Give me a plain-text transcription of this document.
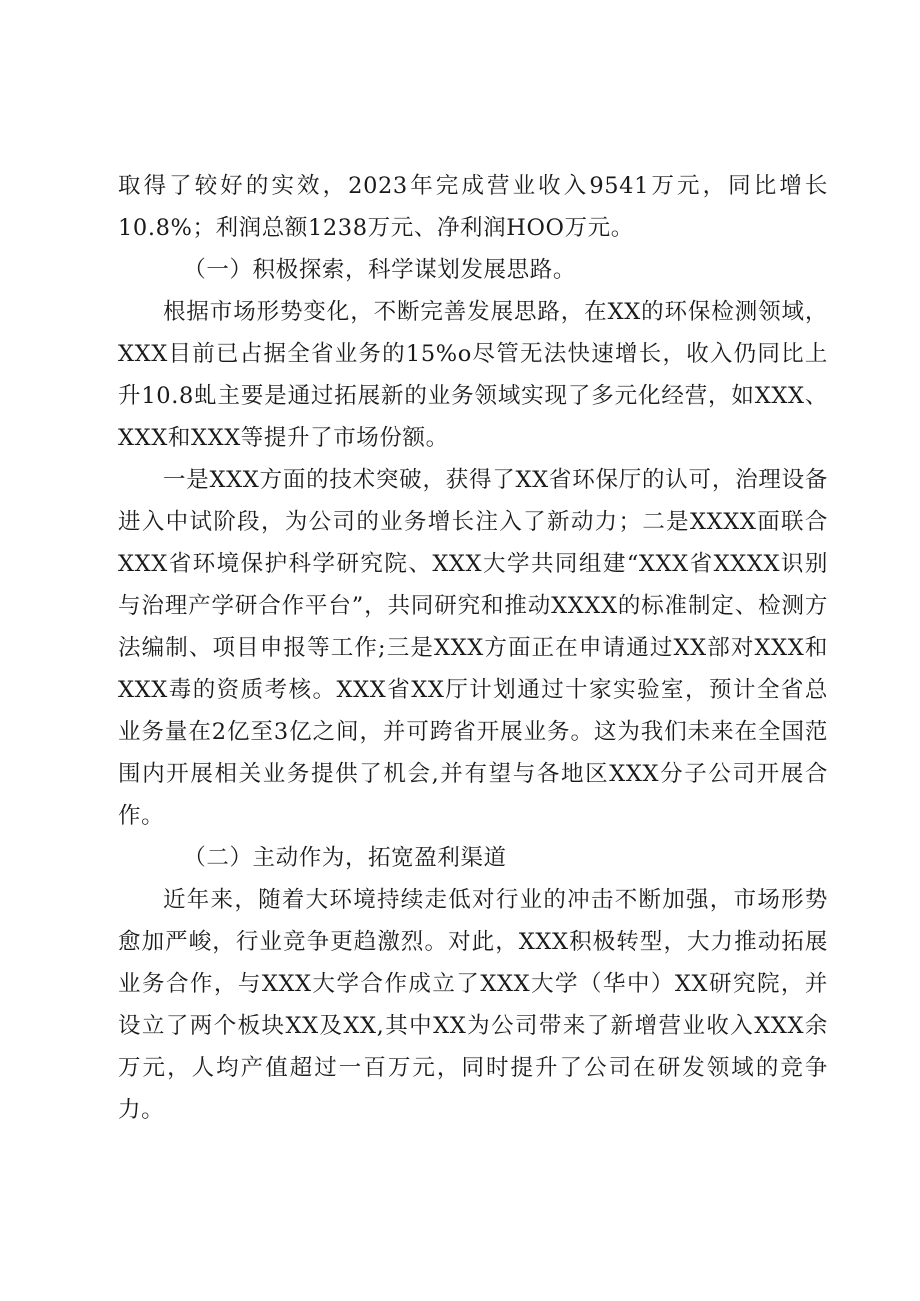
取得了较好的实效，2023年完成营业收入9541万元，同比增长10.8%；利润总额1238万元、净利润HOO万元。

（一）积极探索，科学谋划发展思路。

根据市场形势变化，不断完善发展思路，在XX的环保检测领域，XXX目前已占据全省业务的15%o尽管无法快速增长，收入仍同比上升10.8虬主要是通过拓展新的业务领域实现了多元化经营，如XXX、XXX和XXX等提升了市场份额。

一是XXX方面的技术突破，获得了XX省环保厅的认可，治理设备进入中试阶段，为公司的业务增长注入了新动力；二是XXXX面联合XXX省环境保护科学研究院、XXX大学共同组建“XXX省XXXX识别与治理产学研合作平台”，共同研究和推动XXXX的标准制定、检测方法编制、项目申报等工作;三是XXX方面正在申请通过XX部对XXX和XXX毒的资质考核。XXX省XX厅计划通过十家实验室，预计全省总业务量在2亿至3亿之间，并可跨省开展业务。这为我们未来在全国范围内开展相关业务提供了机会,并有望与各地区XXX分子公司开展合作。

（二）主动作为，拓宽盈利渠道

近年来，随着大环境持续走低对行业的冲击不断加强，市场形势愈加严峻，行业竞争更趋激烈。对此，XXX积极转型，大力推动拓展业务合作，与XXX大学合作成立了XXX大学（华中）XX研究院，并设立了两个板块XX及XX,其中XX为公司带来了新增营业收入XXX余万元，人均产值超过一百万元，同时提升了公司在研发领域的竞争力。
